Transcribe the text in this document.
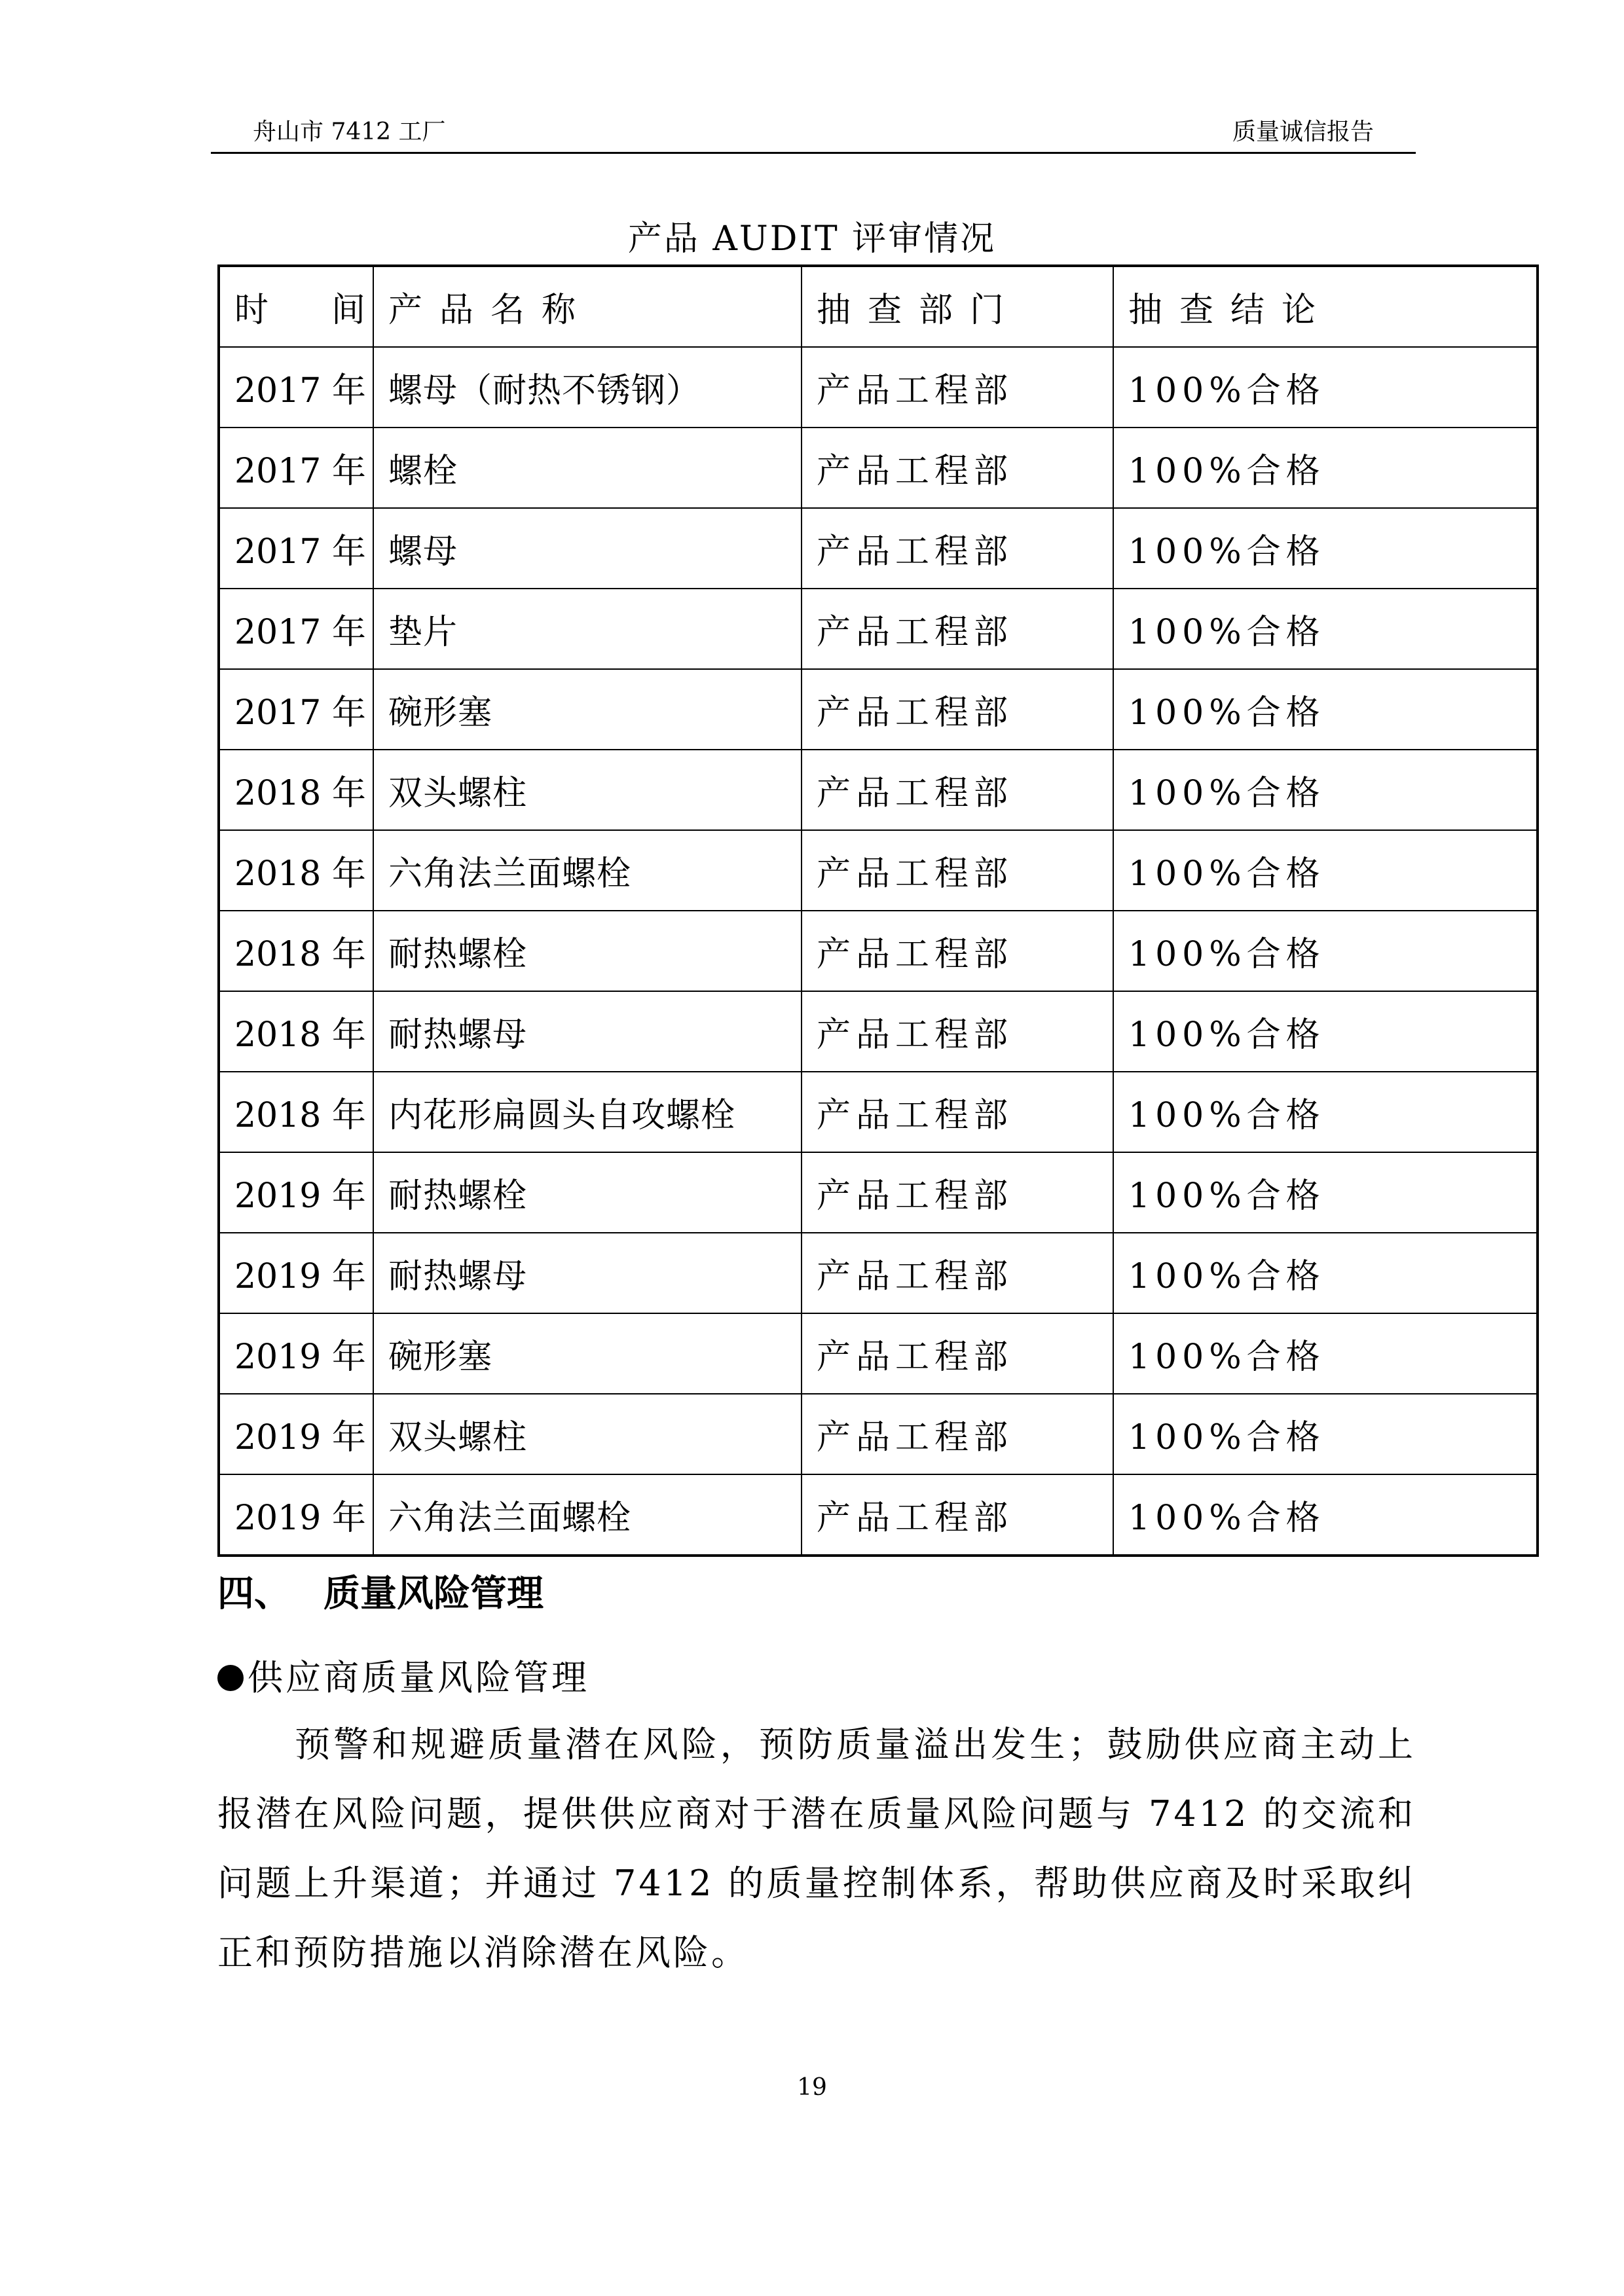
舟山市 7412 工厂	质量诚信报告
产品 AUDIT 评审情况
时间	产品名称	抽查部门	抽查结论
2017 年	螺母（耐热不锈钢）	产品工程部	100%合格
2017 年	螺栓	产品工程部	100%合格
2017 年	螺母	产品工程部	100%合格
2017 年	垫片	产品工程部	100%合格
2017 年	碗形塞	产品工程部	100%合格
2018 年	双头螺柱	产品工程部	100%合格
2018 年	六角法兰面螺栓	产品工程部	100%合格
2018 年	耐热螺栓	产品工程部	100%合格
2018 年	耐热螺母	产品工程部	100%合格
2018 年	内花形扁圆头自攻螺栓	产品工程部	100%合格
2019 年	耐热螺栓	产品工程部	100%合格
2019 年	耐热螺母	产品工程部	100%合格
2019 年	碗形塞	产品工程部	100%合格
2019 年	双头螺柱	产品工程部	100%合格
2019 年	六角法兰面螺栓	产品工程部	100%合格
四、 质量风险管理
供应商质量风险管理
预警和规避质量潜在风险，预防质量溢出发生；鼓励供应商主动上报潜在风险问题，提供供应商对于潜在质量风险问题与 7412 的交流和问题上升渠道；并通过 7412 的质量控制体系，帮助供应商及时采取纠正和预防措施以消除潜在风险。
19
